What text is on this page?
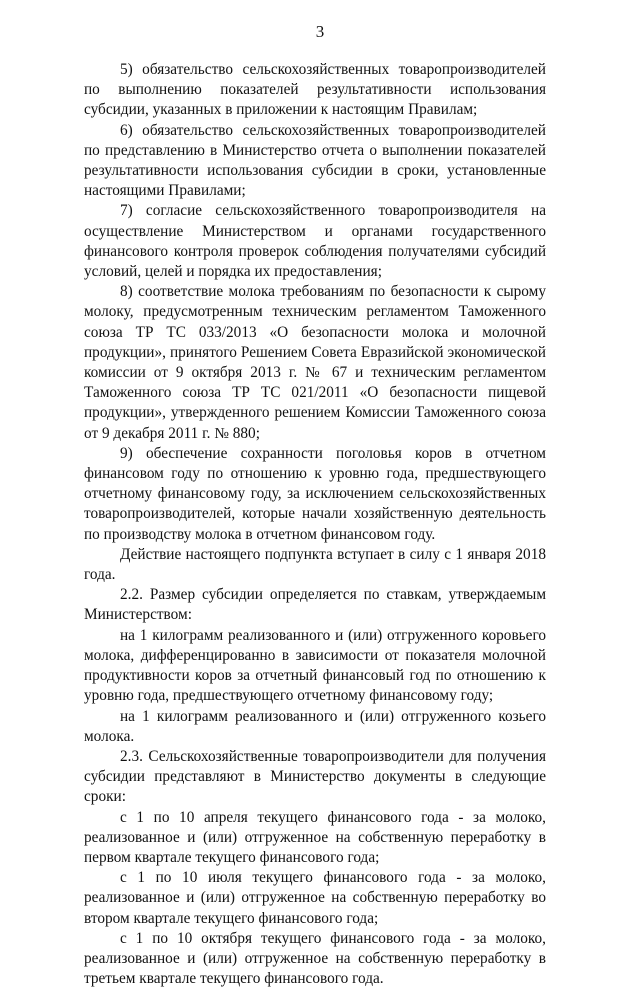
3

5) обязательство сельскохозяйственных товаропроизводителей по выполнению показателей результативности использования субсидии, указанных в приложении к настоящим Правилам;

6) обязательство сельскохозяйственных товаропроизводителей по представлению в Министерство отчета о выполнении показателей результативности использования субсидии в сроки, установленные настоящими Правилами;

7) согласие сельскохозяйственного товаропроизводителя на осуществление Министерством и органами государственного финансового контроля проверок соблюдения получателями субсидий условий, целей и порядка их предоставления;

8) соответствие молока требованиям по безопасности к сырому молоку, предусмотренным техническим регламентом Таможенного союза ТР ТС 033/2013 «О безопасности молока и молочной продукции», принятого Решением Совета Евразийской экономической комиссии от 9 октября 2013 г. № 67 и техническим регламентом Таможенного союза ТР ТС 021/2011 «О безопасности пищевой продукции», утвержденного решением Комиссии Таможенного союза от 9 декабря 2011 г. № 880;

9) обеспечение сохранности поголовья коров в отчетном финансовом году по отношению к уровню года, предшествующего отчетному финансовому году, за исключением сельскохозяйственных товаропроизводителей, которые начали хозяйственную деятельность по производству молока в отчетном финансовом году.

Действие настоящего подпункта вступает в силу с 1 января 2018 года.

2.2. Размер субсидии определяется по ставкам, утверждаемым Министерством:

на 1 килограмм реализованного и (или) отгруженного коровьего молока, дифференцированно в зависимости от показателя молочной продуктивности коров за отчетный финансовый год по отношению к уровню года, предшествующего отчетному финансовому году;

на 1 килограмм реализованного и (или) отгруженного козьего молока.

2.3. Сельскохозяйственные товаропроизводители для получения субсидии представляют в Министерство документы в следующие сроки:

с 1 по 10 апреля текущего финансового года - за молоко, реализованное и (или) отгруженное на собственную переработку в первом квартале текущего финансового года;

с 1 по 10 июля текущего финансового года - за молоко, реализованное и (или) отгруженное на собственную переработку во втором квартале текущего финансового года;

с 1 по 10 октября текущего финансового года - за молоко, реализованное и (или) отгруженное на собственную переработку в третьем квартале текущего финансового года.
